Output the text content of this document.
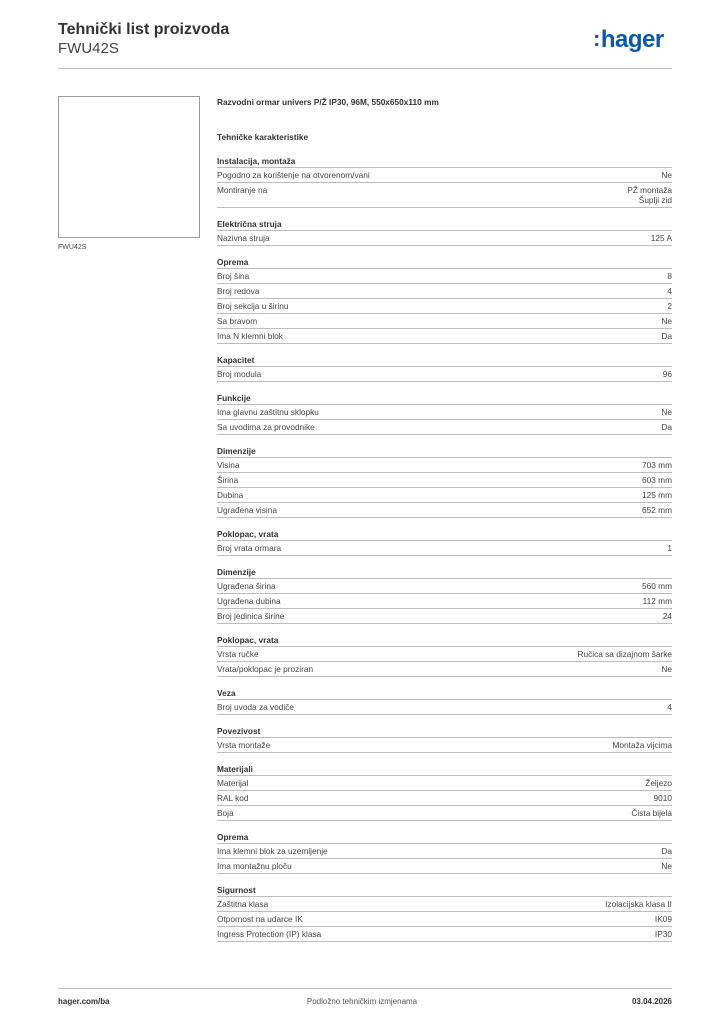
Tehnički list proizvoda
FWU42S	:hager
FWU42S
Razvodni ormar univers P/Ž IP30, 96M, 550x650x110 mm
Tehničke karakteristike
Instalacija, montaža
Pogodno za korištenje na otvorenom/vani	Ne
Montiranje na	PŽ montaža
Šuplji zid
Električna struja
Nazivna struja	125 A
Oprema
Broj šina	8
Broj redova	4
Broj sekcija u širinu	2
Sa bravom	Ne
Ima N klemni blok	Da
Kapacitet
Broj modula	96
Funkcije
Ima glavnu zaštitnu sklopku	Ne
Sa uvodima za provodnike	Da
Dimenzije
Visina	703 mm
Širina	603 mm
Dubina	125 mm
Ugrađena visina	652 mm
Poklopac, vrata
Broj vrata ormara	1
Dimenzije
Ugrađena širina	560 mm
Ugrađena dubina	112 mm
Broj jedinica širine	24
Poklopac, vrata
Vrsta ručke	Ručica sa dizajnom šarke
Vrata/poklopac je proziran	Ne
Veza
Broj uvoda za vodiče	4
Povezivost
Vrsta montaže	Montaža vijcima
Materijali
Materijal	Željezo
RAL kod	9010
Boja	Čista bijela
Oprema
Ima klemni blok za uzemljenje	Da
Ima montažnu ploču	Ne
Sigurnost
Zaštitna klasa	Izolacijska klasa II
Otpornost na udarce IK	IK09
Ingress Protection (IP) klasa	IP30
hager.com/ba	Podložno tehničkim izmjenama	03.04.2026
